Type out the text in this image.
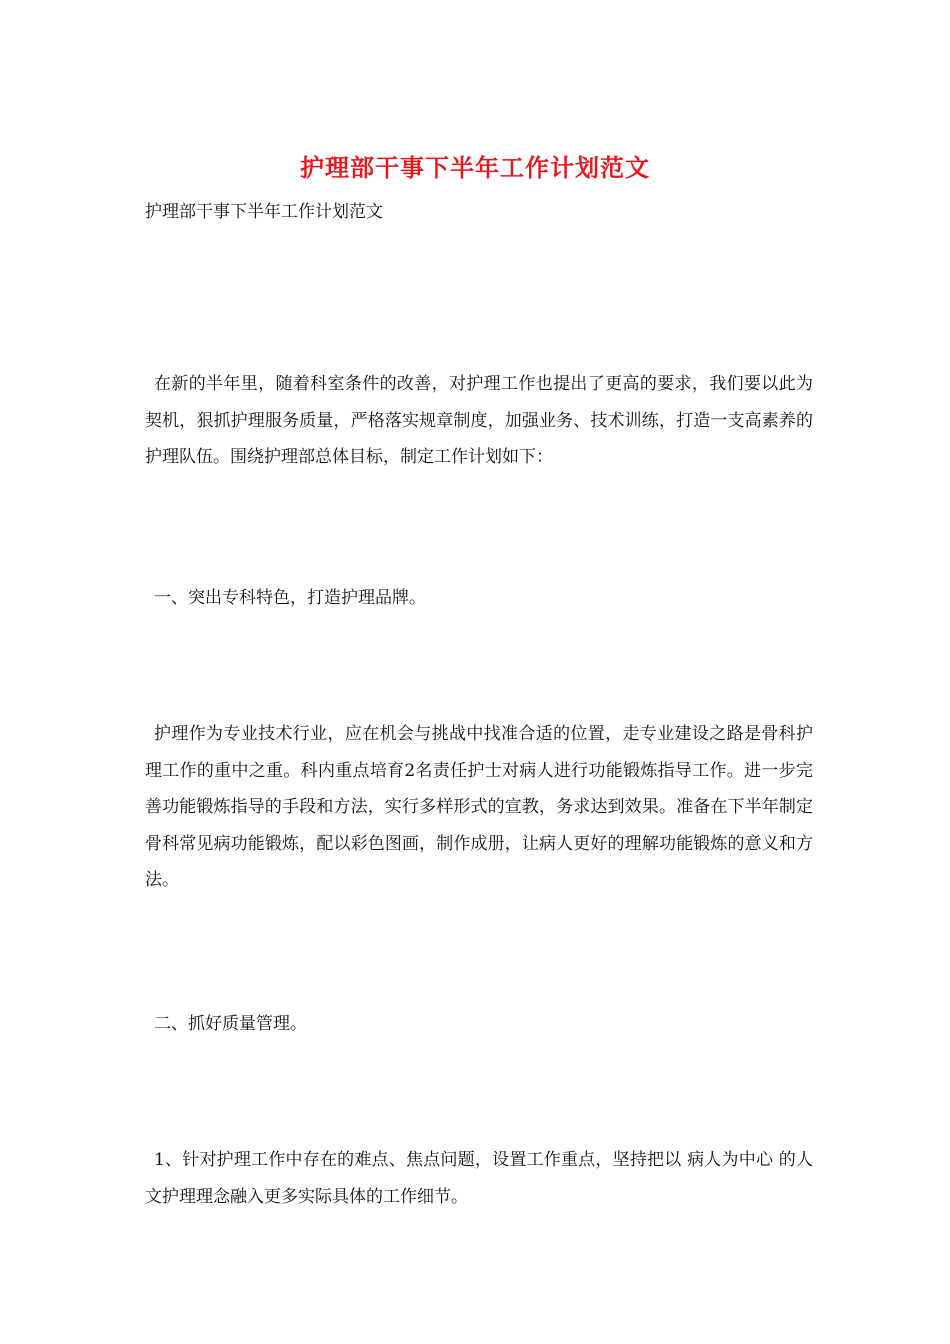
护理部干事下半年工作计划范文
护理部干事下半年工作计划范文

在新的半年里，随着科室条件的改善，对护理工作也提出了更高的要求，我们要以此为契机，狠抓护理服务质量，严格落实规章制度，加强业务、技术训练，打造一支高素养的护理队伍。围绕护理部总体目标，制定工作计划如下：

一、突出专科特色，打造护理品牌。

护理作为专业技术行业，应在机会与挑战中找准合适的位置，走专业建设之路是骨科护理工作的重中之重。科内重点培育2名责任护士对病人进行功能锻炼指导工作。进一步完善功能锻炼指导的手段和方法，实行多样形式的宣教，务求达到效果。准备在下半年制定骨科常见病功能锻炼，配以彩色图画，制作成册，让病人更好的理解功能锻炼的意义和方法。

二、抓好质量管理。

1、针对护理工作中存在的难点、焦点问题，设置工作重点，坚持把以 病人为中心 的人文护理理念融入更多实际具体的工作细节。
